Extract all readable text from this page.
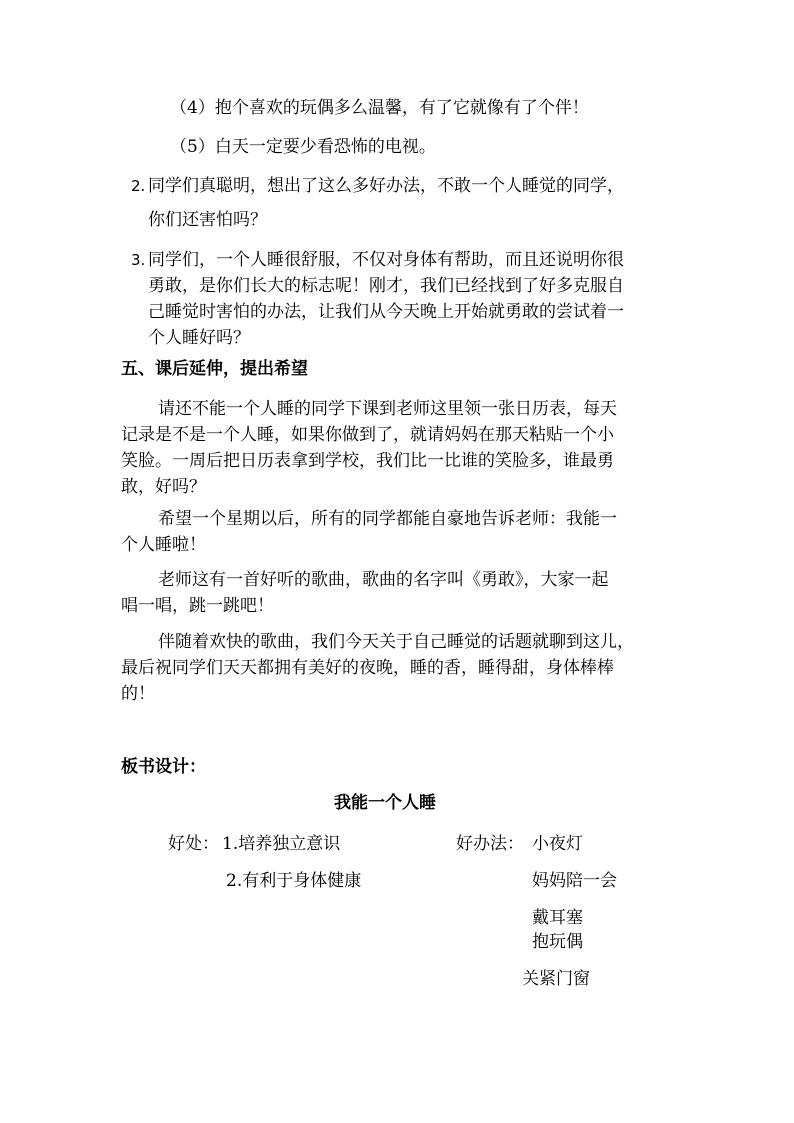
（4）抱个喜欢的玩偶多么温馨，有了它就像有了个伴！
（5）白天一定要少看恐怖的电视。
2. 同学们真聪明，想出了这么多好办法，不敢一个人睡觉的同学，
你们还害怕吗？
3. 同学们，一个人睡很舒服，不仅对身体有帮助，而且还说明你很
勇敢，是你们长大的标志呢！刚才，我们已经找到了好多克服自
己睡觉时害怕的办法，让我们从今天晚上开始就勇敢的尝试着一
个人睡好吗？
五、课后延伸，提出希望
请还不能一个人睡的同学下课到老师这里领一张日历表，每天
记录是不是一个人睡，如果你做到了，就请妈妈在那天粘贴一个小
笑脸。一周后把日历表拿到学校，我们比一比谁的笑脸多，谁最勇
敢，好吗？
希望一个星期以后，所有的同学都能自豪地告诉老师：我能一
个人睡啦！
老师这有一首好听的歌曲，歌曲的名字叫《勇敢》，大家一起
唱一唱，跳一跳吧！
伴随着欢快的歌曲，我们今天关于自己睡觉的话题就聊到这儿，
最后祝同学们天天都拥有美好的夜晚，睡的香，睡得甜，身体棒棒
的！
板书设计：
我能一个人睡
好处： 1.培养独立意识
2.有利于身体健康
好办法： 小夜灯
妈妈陪一会
戴耳塞
抱玩偶
关紧门窗
